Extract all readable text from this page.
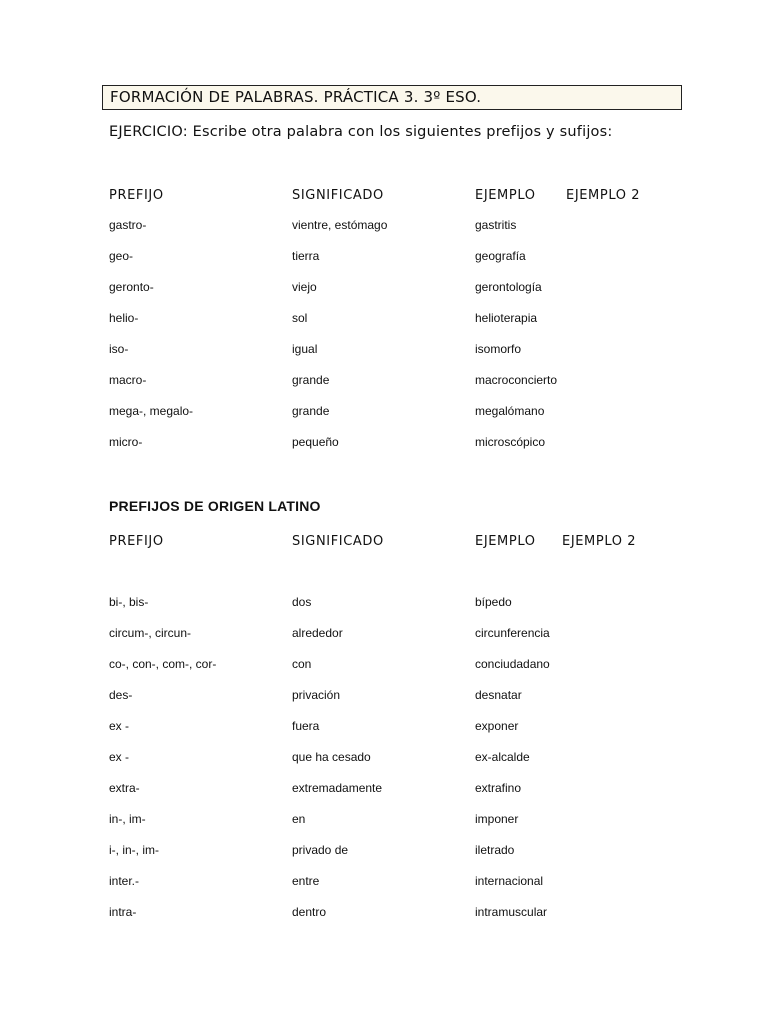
FORMACIÓN DE PALABRAS. PRÁCTICA 3. 3º ESO.
EJERCICIO: Escribe otra palabra con los siguientes prefijos y sufijos:
PREFIJO	SIGNIFICADO	EJEMPLO EJEMPLO 2
gastro-	vientre, estómago	gastritis
geo-	tierra	geografía
geronto-	viejo	gerontología
helio-	sol	helioterapia
iso-	igual	isomorfo
macro-	grande	macroconcierto
mega-, megalo-	grande	megalómano
micro-	pequeño	microscópico
PREFIJOS DE ORIGEN LATINO
PREFIJO	SIGNIFICADO	EJEMPLO EJEMPLO 2
bi-, bis-	dos	bípedo
circum-, circun-	alrededor	circunferencia
co-, con-, com-, cor-	con	conciudadano
des-	privación	desnatar
ex -	fuera	exponer
ex -	que ha cesado	ex-alcalde
extra-	extremadamente	extrafino
in-, im-	en	imponer
i-, in-, im-	privado de	iletrado
inter.-	entre	internacional
intra-	dentro	intramuscular
